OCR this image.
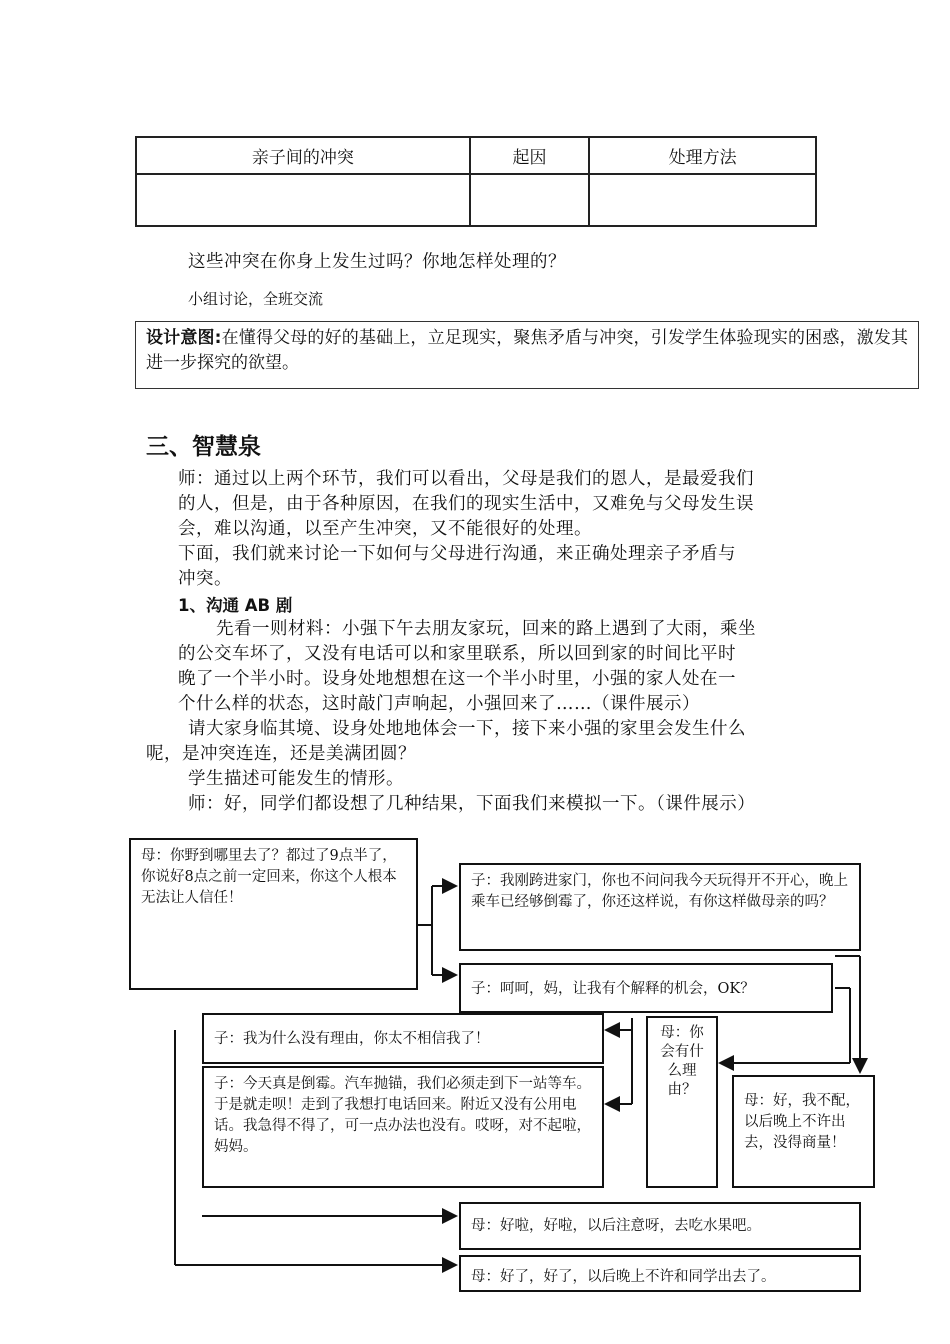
亲子间的冲突	起因	处理方法

这些冲突在你身上发生过吗？你地怎样处理的？
小组讨论，全班交流
设计意图:在懂得父母的好的基础上，立足现实，聚焦矛盾与冲突，引发学生体验现实的困惑，激发其进一步探究的欲望。
三、智慧泉
师：通过以上两个环节，我们可以看出，父母是我们的恩人，是最爱我们
的人，但是，由于各种原因，在我们的现实生活中，又难免与父母发生误
会，难以沟通，以至产生冲突，又不能很好的处理。
下面，我们就来讨论一下如何与父母进行沟通，来正确处理亲子矛盾与
冲突。
1、沟通 AB 剧
先看一则材料：小强下午去朋友家玩，回来的路上遇到了大雨，乘坐
的公交车坏了，又没有电话可以和家里联系，所以回到家的时间比平时
晚了一个半小时。设身处地想想在这一个半小时里，小强的家人处在一
个什么样的状态，这时敲门声响起，小强回来了……（课件展示）
请大家身临其境、设身处地地体会一下，接下来小强的家里会发生什么
呢，是冲突连连，还是美满团圆？
学生描述可能发生的情形。
师：好，同学们都设想了几种结果，下面我们来模拟一下。（课件展示）
母：你野到哪里去了？都过了9点半了，你说好8点之前一定回来，你这个人根本无法让人信任！
子：我刚跨进家门，你也不问问我今天玩得开不开心，晚上乘车已经够倒霉了，你还这样说，有你这样做母亲的吗？
子：呵呵，妈，让我有个解释的机会，OK？
子：我为什么没有理由，你太不相信我了！	母：你会有什么理由？
子：今天真是倒霉。汽车抛锚，我们必须走到下一站等车。于是就走呗！走到了我想打电话回来。附近又没有公用电话。我急得不得了，可一点办法也没有。哎呀，对不起啦，妈妈。
母：好，我不配，以后晚上不许出去，没得商量！
母：好啦，好啦，以后注意呀，去吃水果吧。
母：好了，好了，以后晚上不许和同学出去了。
